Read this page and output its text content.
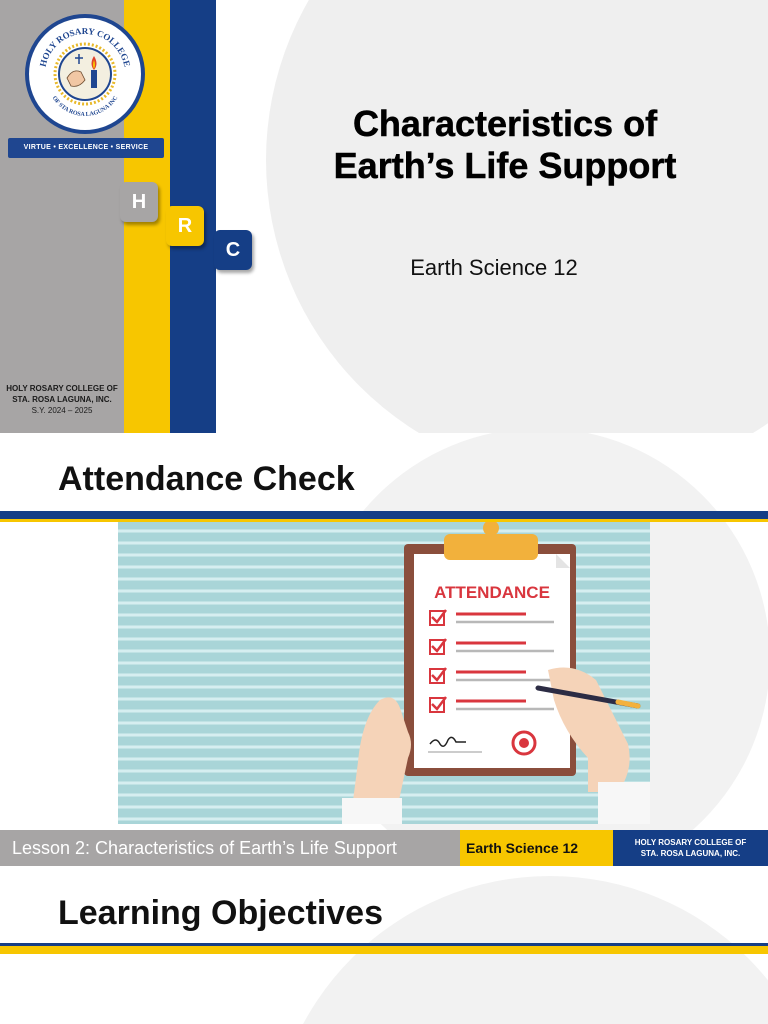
HOLY ROSARY COLLEGE
OF STA ROSA LAGUNA INC
VIRTUE • EXCELLENCE • SERVICE
H
R
C
HOLY ROSARY COLLEGE OF
STA. ROSA LAGUNA, INC.
S.Y. 2024 – 2025
Characteristics of Earth’s Life Support
Earth Science 12
Attendance Check
ATTENDANCE
Lesson 2: Characteristics of Earth’s Life Support	Earth Science 12	HOLY ROSARY COLLEGE OF
STA. ROSA LAGUNA, INC.
Learning Objectives
